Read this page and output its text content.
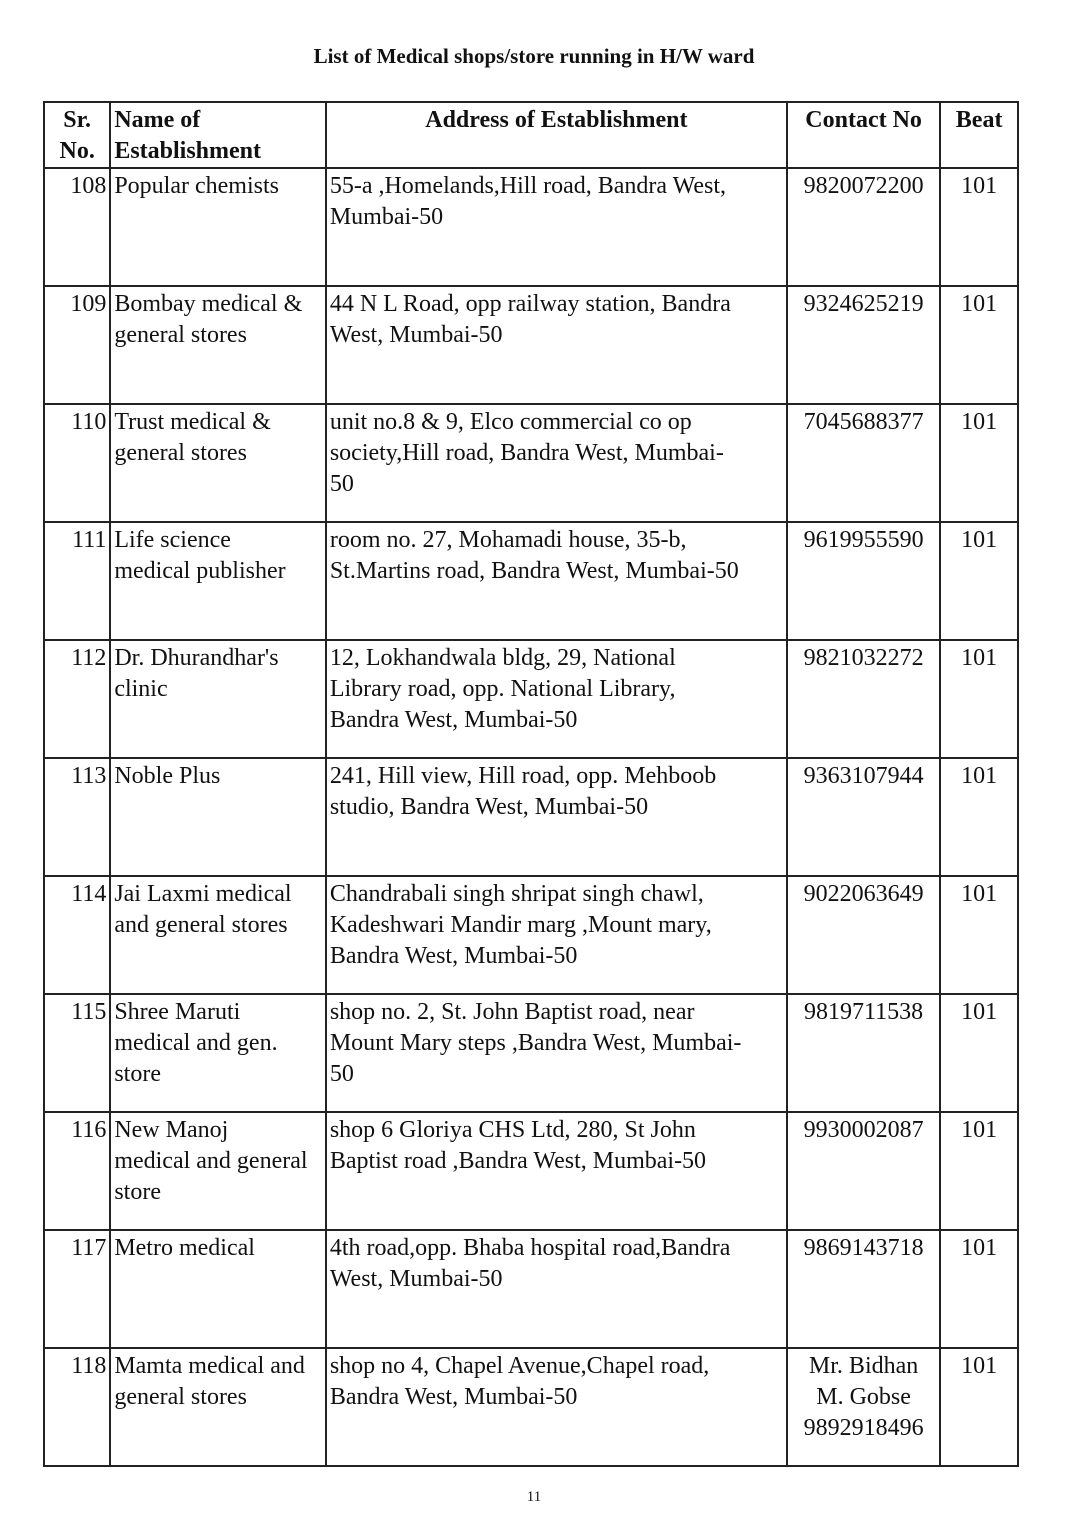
List of Medical shops/store running in H/W ward
Sr.
No.	Name of
Establishment	Address of Establishment	Contact No	Beat
108	Popular chemists	55-a ,Homelands,Hill road, Bandra West,
Mumbai-50	9820072200	101
109	Bombay medical &
general stores	44 N L Road, opp railway station, Bandra
West, Mumbai-50	9324625219	101
110	Trust medical &
general stores	unit no.8 & 9, Elco commercial co op
society,Hill road, Bandra West, Mumbai-
50	7045688377	101
111	Life science
medical publisher	room no. 27, Mohamadi house, 35-b,
St.Martins road, Bandra West, Mumbai-50	9619955590	101
112	Dr. Dhurandhar's
clinic	12, Lokhandwala bldg, 29, National
Library road, opp. National Library,
Bandra West, Mumbai-50	9821032272	101
113	Noble Plus	241, Hill view, Hill road, opp. Mehboob
studio, Bandra West, Mumbai-50	9363107944	101
114	Jai Laxmi medical
and general stores	Chandrabali singh shripat singh chawl,
Kadeshwari Mandir marg ,Mount mary,
Bandra West, Mumbai-50	9022063649	101
115	Shree Maruti
medical and gen.
store	shop no. 2, St. John Baptist road, near
Mount Mary steps ,Bandra West, Mumbai-
50	9819711538	101
116	New Manoj
medical and general
store	shop 6 Gloriya CHS Ltd, 280, St John
Baptist road ,Bandra West, Mumbai-50	9930002087	101
117	Metro medical	4th road,opp. Bhaba hospital road,Bandra
West, Mumbai-50	9869143718	101
118	Mamta medical and
general stores	shop no 4, Chapel Avenue,Chapel road,
Bandra West, Mumbai-50	Mr. Bidhan
M. Gobse
9892918496	101
11
